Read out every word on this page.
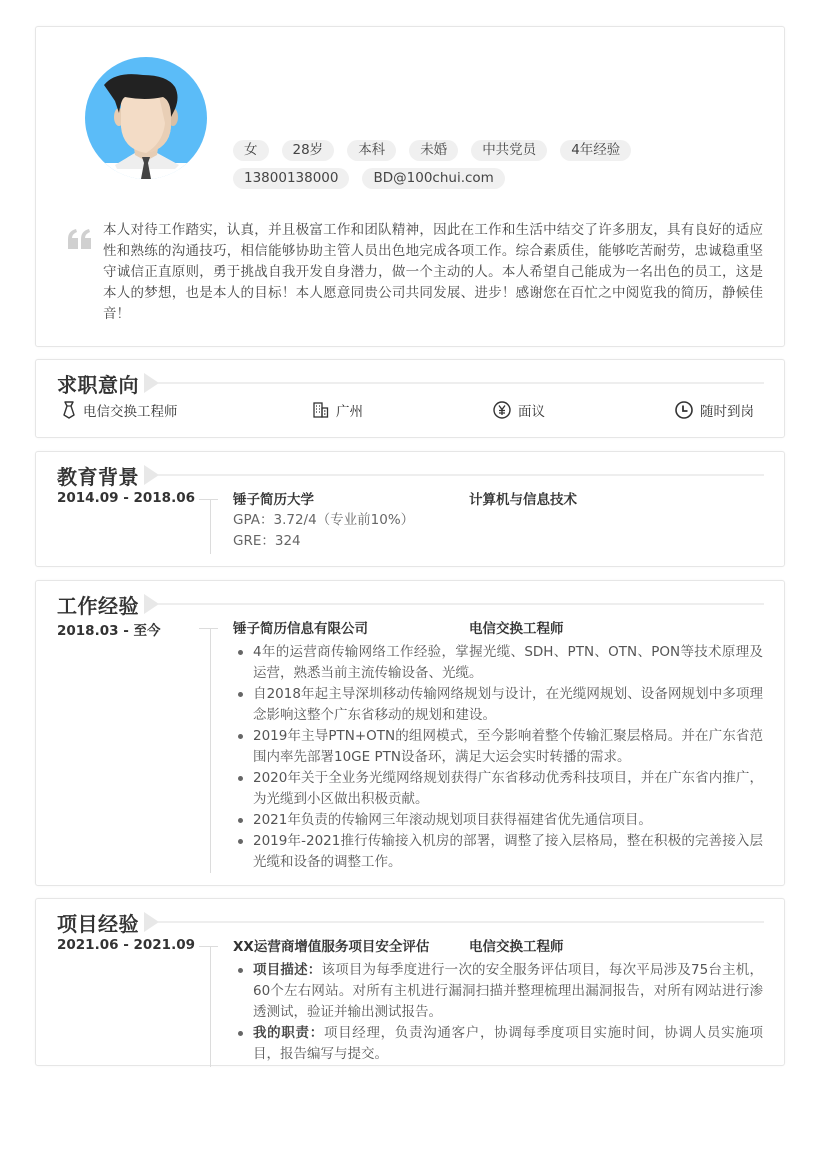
女	28岁	本科	未婚	中共党员	4年经验
13800138000	BD@100chui.com

本人对待工作踏实，认真，并且极富工作和团队精神，因此在工作和生活中结交了许多朋友，具有良好的适应性和熟练的沟通技巧，相信能够协助主管人员出色地完成各项工作。综合素质佳，能够吃苦耐劳，忠诚稳重坚守诚信正直原则，勇于挑战自我开发自身潜力，做一个主动的人。本人希望自己能成为一名出色的员工，这是本人的梦想，也是本人的目标！本人愿意同贵公司共同发展、进步！感谢您在百忙之中阅览我的简历，静候佳音！

求职意向
电信交换工程师	广州	面议	随时到岗
教育背景
2014.09 - 2018.06	锤子简历大学	计算机与信息技术
GPA：3.72/4（专业前10%）
GRE：324
工作经验
2018.03 - 至今	锤子简历信息有限公司	电信交换工程师
4年的运营商传输网络工作经验，掌握光缆、SDH、PTN、OTN、PON等技术原理及运营，熟悉当前主流传输设备、光缆。
自2018年起主导深圳移动传输网络规划与设计，在光缆网规划、设备网规划中多项理念影响这整个广东省移动的规划和建设。
2019年主导PTN+OTN的组网模式，至今影响着整个传输汇聚层格局。并在广东省范围内率先部署10GE PTN设备环，满足大运会实时转播的需求。
2020年关于全业务光缆网络规划获得广东省移动优秀科技项目，并在广东省内推广，为光缆到小区做出积极贡献。
2021年负责的传输网三年滚动规划项目获得福建省优先通信项目。
2019年-2021推行传输接入机房的部署，调整了接入层格局，整在积极的完善接入层光缆和设备的调整工作。
项目经验
2021.06 - 2021.09	XX运营商增值服务项目安全评估	电信交换工程师
项目描述：该项目为每季度进行一次的安全服务评估项目，每次平局涉及75台主机，60个左右网站。对所有主机进行漏洞扫描并整理梳理出漏洞报告，对所有网站进行渗透测试，验证并输出测试报告。
我的职责：项目经理，负责沟通客户，协调每季度项目实施时间，协调人员实施项目，报告编写与提交。
